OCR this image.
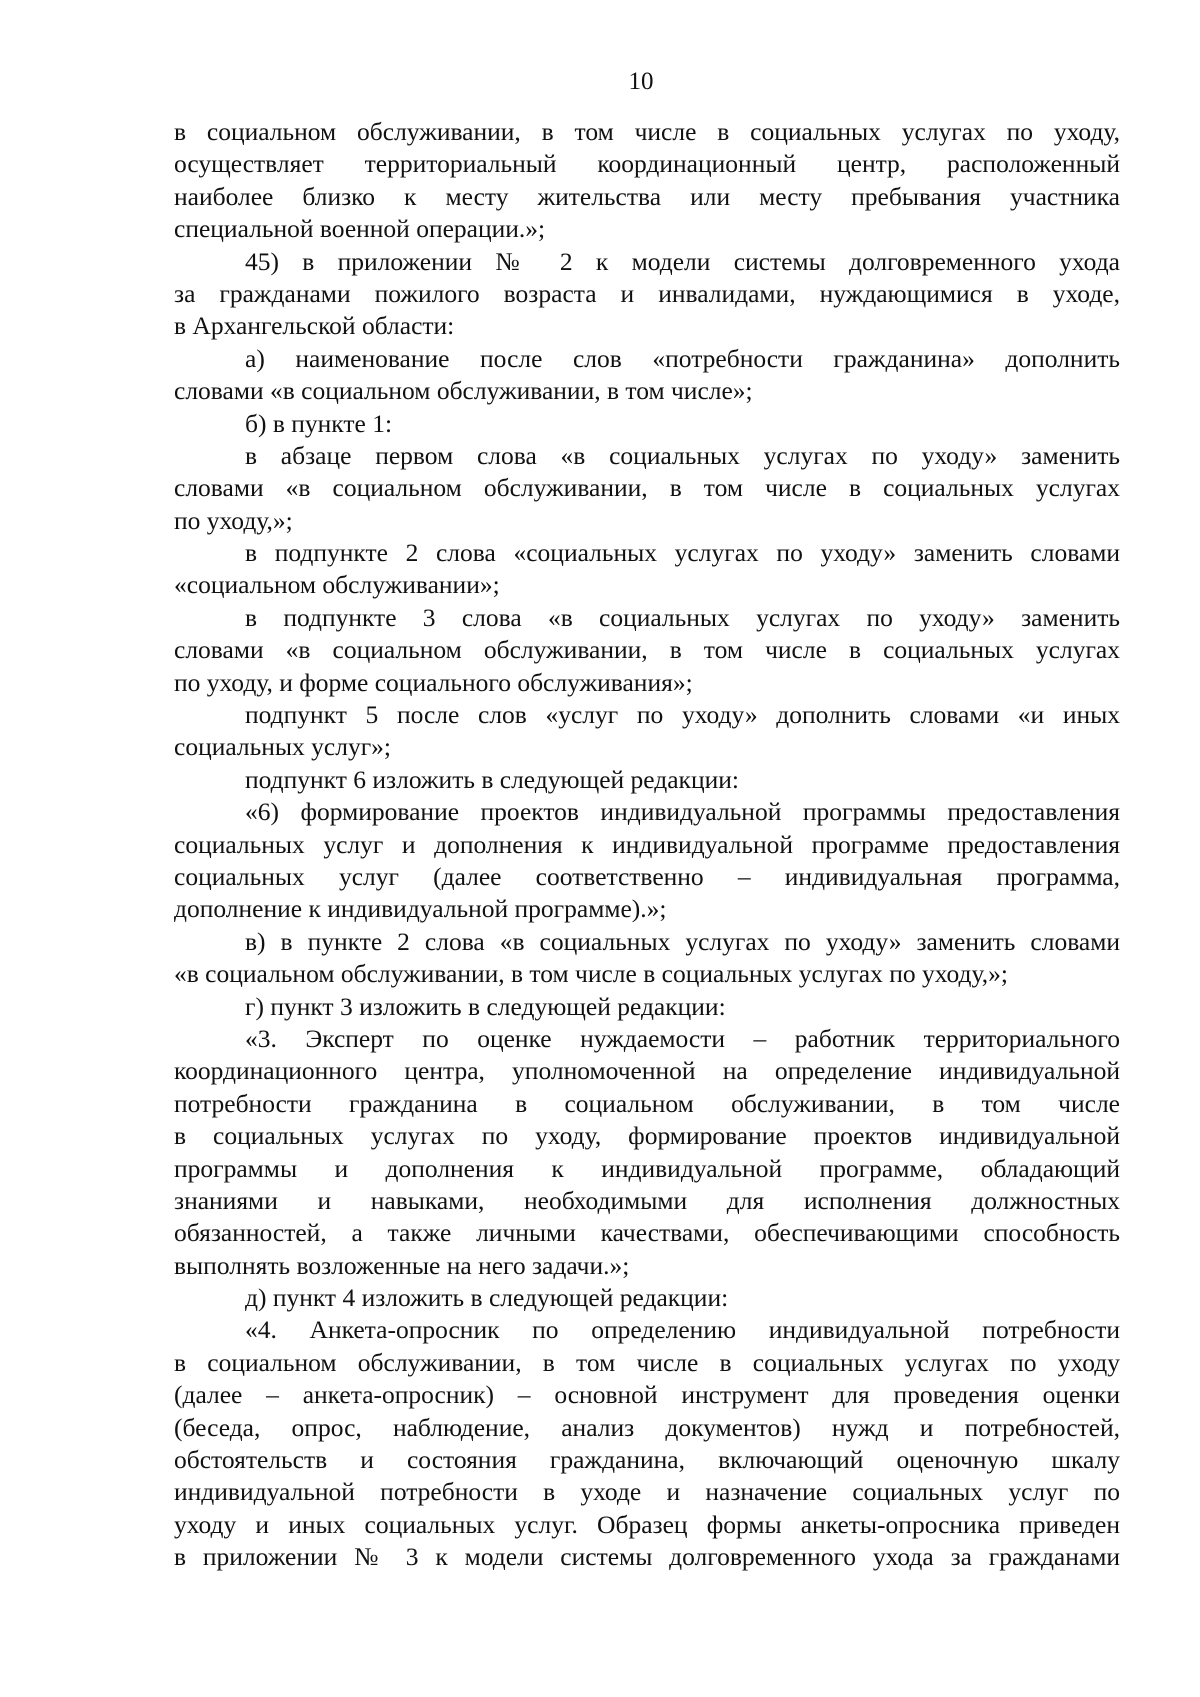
10
в социальном обслуживании, в том числе в социальных услугах по уходу,
осуществляет территориальный координационный центр, расположенный
наиболее близко к месту жительства или месту пребывания участника
специальной военной операции.»;
45) в приложении № 2 к модели системы долговременного ухода
за гражданами пожилого возраста и инвалидами, нуждающимися в уходе,
в Архангельской области:
а) наименование после слов «потребности гражданина» дополнить
словами «в социальном обслуживании, в том числе»;
б) в пункте 1:
в абзаце первом слова «в социальных услугах по уходу» заменить
словами «в социальном обслуживании, в том числе в социальных услугах
по уходу,»;
в подпункте 2 слова «социальных услугах по уходу» заменить словами
«социальном обслуживании»;
в подпункте 3 слова «в социальных услугах по уходу» заменить
словами «в социальном обслуживании, в том числе в социальных услугах
по уходу, и форме социального обслуживания»;
подпункт 5 после слов «услуг по уходу» дополнить словами «и иных
социальных услуг»;
подпункт 6 изложить в следующей редакции:
«6) формирование проектов индивидуальной программы предоставления
социальных услуг и дополнения к индивидуальной программе предоставления
социальных услуг (далее соответственно – индивидуальная программа,
дополнение к индивидуальной программе).»;
в) в пункте 2 слова «в социальных услугах по уходу» заменить словами
«в социальном обслуживании, в том числе в социальных услугах по уходу,»;
г) пункт 3 изложить в следующей редакции:
«3. Эксперт по оценке нуждаемости – работник территориального
координационного центра, уполномоченной на определение индивидуальной
потребности гражданина в социальном обслуживании, в том числе
в социальных услугах по уходу, формирование проектов индивидуальной
программы и дополнения к индивидуальной программе, обладающий
знаниями и навыками, необходимыми для исполнения должностных
обязанностей, а также личными качествами, обеспечивающими способность
выполнять возложенные на него задачи.»;
д) пункт 4 изложить в следующей редакции:
«4. Анкета-опросник по определению индивидуальной потребности
в социальном обслуживании, в том числе в социальных услугах по уходу
(далее – анкета-опросник) – основной инструмент для проведения оценки
(беседа, опрос, наблюдение, анализ документов) нужд и потребностей,
обстоятельств и состояния гражданина, включающий оценочную шкалу
индивидуальной потребности в уходе и назначение социальных услуг по
уходу и иных социальных услуг. Образец формы анкеты-опросника приведен
в приложении № 3 к модели системы долговременного ухода за гражданами
